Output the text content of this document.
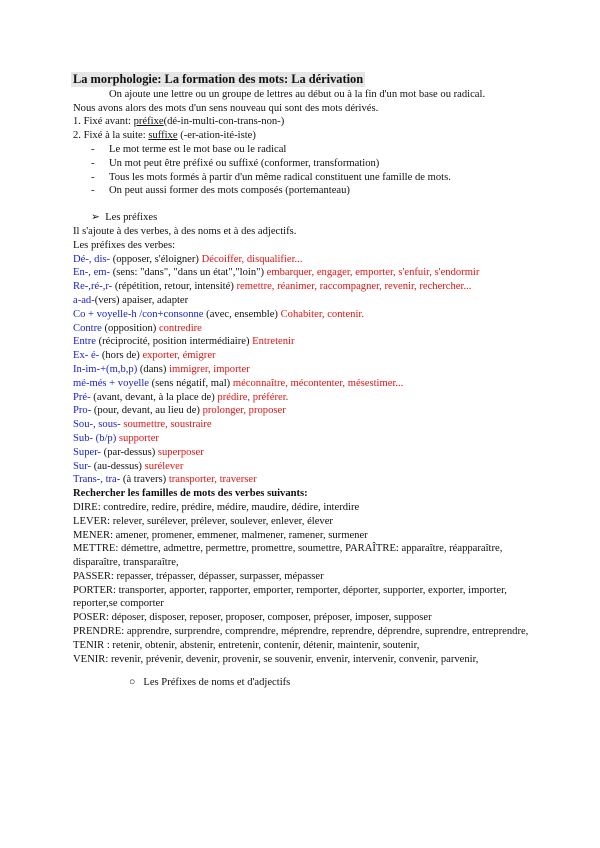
La morphologie: La formation des mots: La dérivation
On ajoute une lettre ou un groupe de lettres au début ou à la fin d'un mot base ou radical.
Nous avons alors des mots d'un sens nouveau qui sont des mots dérivés.
1. Fixé avant: préfixe(dé-in-multi-con-trans-non-)
2. Fixé à la suite: suffixe (-er-ation-ité-iste)
- Le mot terme est le mot base ou le radical
- Un mot peut être préfixé ou suffixé (conformer, transformation)
- Tous les mots formés à partir d'un même radical constituent une famille de mots.
- On peut aussi former des mots composés (portemanteau)
➢ Les préfixes
Il s'ajoute à des verbes, à des noms et à des adjectifs.
Les préfixes des verbes:
Dé-, dis- (opposer, s'éloigner) Décoiffer, disqualifier...
En-, em- (sens: "dans", "dans un état","loin") embarquer, engager, emporter, s'enfuir, s'endormir
Re-,ré-,r- (répétition, retour, intensité) remettre, réanimer, raccompagner, revenir, rechercher...
a-ad-(vers) apaiser, adapter
Co + voyelle-h /con+consonne (avec, ensemble) Cohabiter, contenir.
Contre (opposition) contredire
Entre (réciprocité, position intermédiaire) Entretenir
Ex- é- (hors de) exporter, émigrer
In-im-+(m,b,p) (dans) immigrer, importer
mé-més + voyelle (sens négatif, mal) méconnaître, mécontenter, mésestimer...
Pré- (avant, devant, à la place de) prédire, préférer.
Pro- (pour, devant, au lieu de) prolonger, proposer
Sou-, sous- soumettre, soustraire
Sub- (b/p) supporter
Super- (par-dessus) superposer
Sur- (au-dessus) surélever
Trans-, tra- (à travers) transporter, traverser
Rechercher les familles de mots des verbes suivants:
DIRE: contredire, redire, prédire, médire, maudire, dédire, interdire
LEVER: relever, surélever, prélever, soulever, enlever, élever
MENER: amener, promener, emmener, malmener, ramener, surmener
METTRE: démettre, admettre, permettre, promettre, soumettre, PARAÎTRE: apparaître, réapparaître, disparaître, transparaître,
PASSER: repasser, trépasser, dépasser, surpasser, mépasser
PORTER: transporter, apporter, rapporter, emporter, remporter, déporter, supporter, exporter, importer, reporter,se comporter
POSER: déposer, disposer, reposer, proposer, composer, préposer, imposer, supposer
PRENDRE: apprendre, surprendre, comprendre, méprendre, reprendre, déprendre, suprendre, entreprendre,
TENIR : retenir, obtenir, abstenir, entretenir, contenir, détenir, maintenir, soutenir,
VENIR: revenir, prévenir, devenir, provenir, se souvenir, envenir, intervenir, convenir, parvenir,
○ Les Préfixes de noms et d'adjectifs
